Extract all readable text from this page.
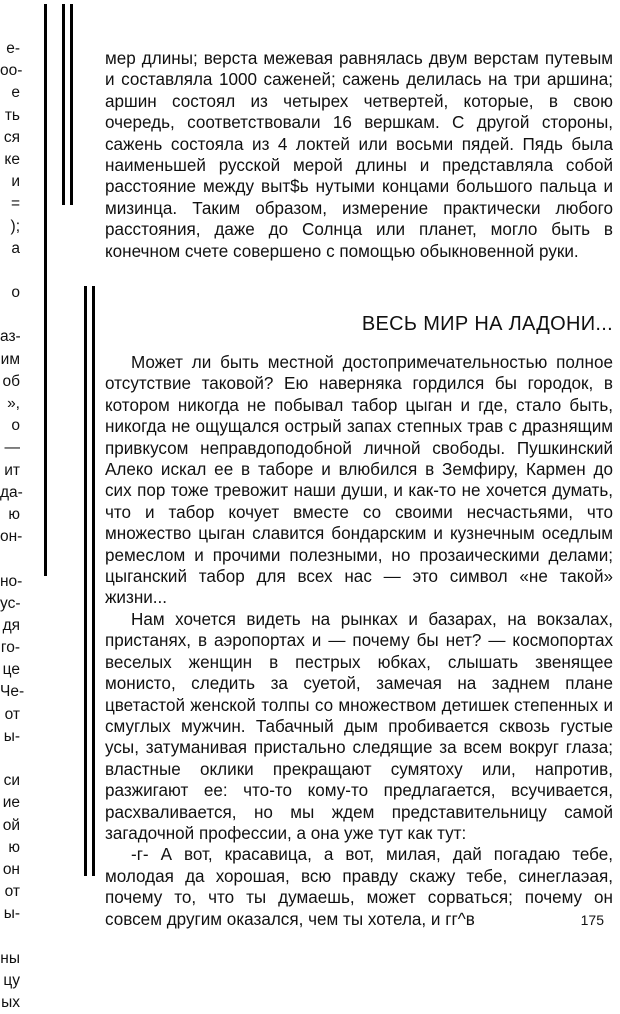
е-
оо-
е
ть
ся
ке
и
=
);
а
о
аз-
им
об
»,
о
—
ит
да-
ю
он-
но-
ус-
дя
го-
це
Че-
от
ы-
си
ие
ой
ю
он
от
ы-
ны
цу
ых

мер длины; верста межевая равнялась двум верстам путевым и составляла 1000 саженей; сажень делилась на три аршина; аршин состоял из четырех четвертей, которые, в свою очередь, соответствовали 16 вершкам. С другой стороны, сажень состояла из 4 локтей или восьми пядей. Пядь была наименьшей русской мерой длины и представляла собой расстояние между выт$ь нутыми концами большого пальца и мизинца. Таким образом, измерение практически любого расстояния, даже до Солнца или планет, могло быть в конечном счете совершено с помощью обыкновенной руки.

ВЕСЬ МИР НА ЛАДОНИ...

Может ли быть местной достопримечательностью полное отсутствие таковой? Ею наверняка гордился бы городок, в котором никогда не побывал табор цыган и где, стало быть, никогда не ощущался острый запах степных трав с дразнящим привкусом неправдоподобной личной свободы. Пушкинский Алеко искал ее в таборе и влюбился в Земфиру, Кармен до сих пор тоже тревожит наши души, и как-то не хочется думать, что и табор кочует вместе со своими несчастьями, что множество цыган славится бондарским и кузнечным оседлым ремеслом и прочими полезными, но прозаическими делами; цыганский табор для всех нас — это символ «не такой» жизни...

Нам хочется видеть на рынках и базарах, на вокзалах, пристанях, в аэропортах и — почему бы нет? — космопортах веселых женщин в пестрых юбках, слышать звенящее монисто, следить за суетой, замечая на заднем плане цветастой женской толпы со множеством детишек степенных и смуглых мужчин. Табачный дым пробивается сквозь густые усы, затуманивая пристально следящие за всем вокруг глаза; властные оклики прекращают сумятоху или, напротив, разжигают ее: что-то кому-то предлагается, всучивается, расхваливается, но мы ждем представительницу самой загадочной профессии, а она уже тут как тут:

-г- А вот, красавица, а вот, милая, дай погадаю тебе, молодая да хорошая, всю правду скажу тебе, синеглаэая, почему то, что ты думаешь, может сорваться; почему он совсем другим оказался, чем ты хотела, и гг^в	175
